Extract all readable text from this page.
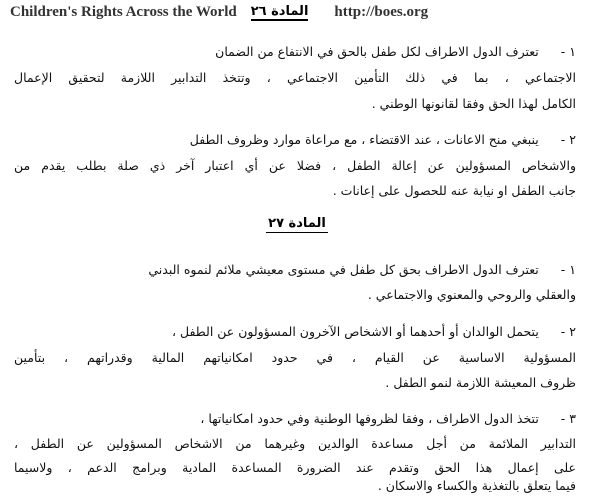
Children's Rights Across the World المادة ٢٦ http://boes.org
١ -تعترف الدول الاطراف لكل طفل بالحق في الانتفاع من الضمان
الاجتماعي ، بما في ذلك التأمين الاجتماعي ، وتتخذ التدابير اللازمة لتحقيق الإعمال
الكامل لهذا الحق وفقا لقانونها الوطني .
٢ -ينبغي منح الاعانات ، عند الاقتضاء ، مع مراعاة موارد وظروف الطفل
والاشخاص المسؤولين عن إعالة الطفل ، فضلا عن أي اعتبار آخر ذي صلة بطلب يقدم من
جانب الطفل او نيابة عنه للحصول على إعانات .
المادة ٢٧
١ -تعترف الدول الاطراف بحق كل طفل في مستوى معيشي ملائم لنموه البدني
والعقلي والروحي والمعنوي والاجتماعي .
٢ -يتحمل الوالدان أو أحدهما أو الاشخاص الآخرون المسؤولون عن الطفل ،
المسؤولية الاساسية عن القيام ، في حدود امكانياتهم المالية وقدراتهم ، بتأمين
ظروف المعيشة اللازمة لنمو الطفل .
٣ -تتخذ الدول الاطراف ، وفقا لظروفها الوطنية وفي حدود امكانياتها ،
التدابير الملائمة من أجل مساعدة الوالدين وغيرهما من الاشخاص المسؤولين عن الطفل ،
على إعمال هذا الحق وتقدم عند الضرورة المساعدة المادية وبرامج الدعم ، ولاسيما
فيما يتعلق بالتغذية والكساء والاسكان .
